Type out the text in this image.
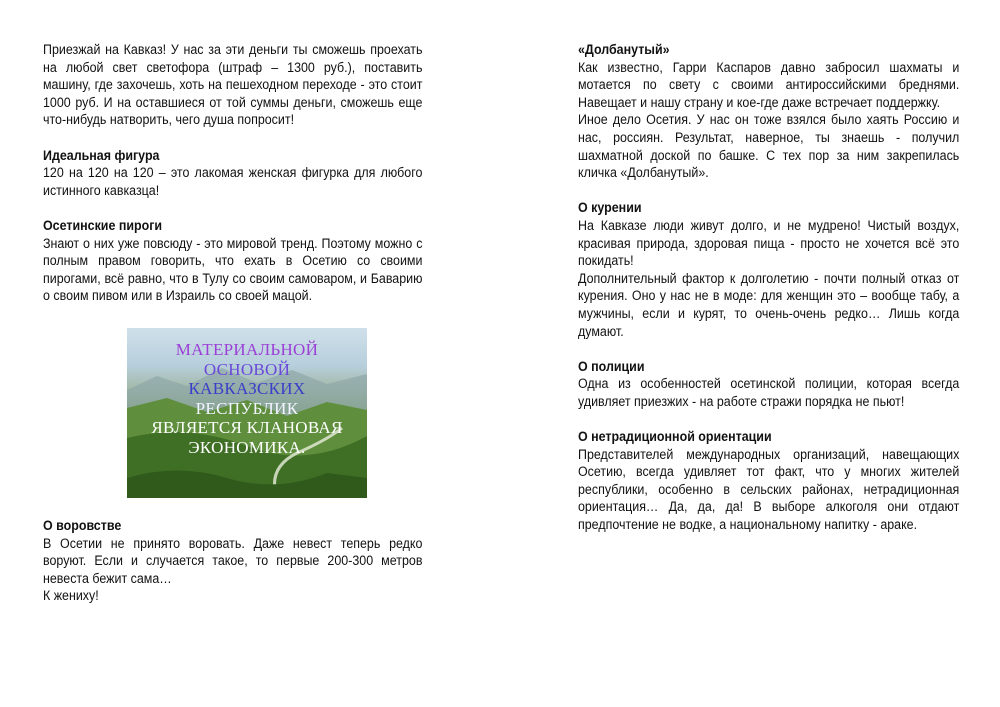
Приезжай на Кавказ! У нас за эти деньги ты сможешь проехать на любой свет светофора (штраф – 1300 руб.), поставить машину, где захочешь, хоть на пешеходном переходе - это стоит 1000 руб. И на оставшиеся от той суммы деньги, сможешь еще что-нибудь натворить, чего душа попросит!

Идеальная фигура

120 на 120 на 120 – это лакомая женская фигурка для любого истинного кавказца!

Осетинские пироги

Знают о них уже повсюду - это мировой тренд. Поэтому можно с полным правом говорить, что ехать в Осетию со своими пирогами, всё равно, что в Тулу со своим самоваром, и Баварию о своим пивом или в Израиль со своей мацой.

МАТЕРИАЛЬНОЙ
ОСНОВОЙ
КАВКАЗСКИХ
РЕСПУБЛИК
ЯВЛЯЕТСЯ КЛАНОВАЯ
ЭКОНОМИКА.
О воровстве

В Осетии не принято воровать. Даже невест теперь редко воруют. Если и случается такое, то первые 200-300 метров невеста бежит сама…

К жениху!

«Долбанутый»

Как известно, Гарри Каспаров давно забросил шахматы и мотается по свету с своими антироссийскими бреднями. Навещает и нашу страну и кое-где даже встречает поддержку.

Иное дело Осетия. У нас он тоже взялся было хаять Россию и нас, россиян. Результат, наверное, ты знаешь - получил шахматной доской по башке. С тех пор за ним закрепилась кличка «Долбанутый».

О курении

На Кавказе люди живут долго, и не мудрено! Чистый воздух, красивая природа, здоровая пища - просто не хочется всё это покидать!

Дополнительный фактор к долголетию - почти полный отказ от курения. Оно у нас не в моде: для женщин это – вообще табу, а мужчины, если и курят, то очень-очень редко… Лишь когда думают.

О полиции

Одна из особенностей осетинской полиции, которая всегда удивляет приезжих - на работе стражи порядка не пьют!

О нетрадиционной ориентации

Представителей международных организаций, навещающих Осетию, всегда удивляет тот факт, что у многих жителей республики, особенно в сельских районах, нетрадиционная ориентация… Да, да, да! В выборе алкоголя они отдают предпочтение не водке, а национальному напитку - араке.
